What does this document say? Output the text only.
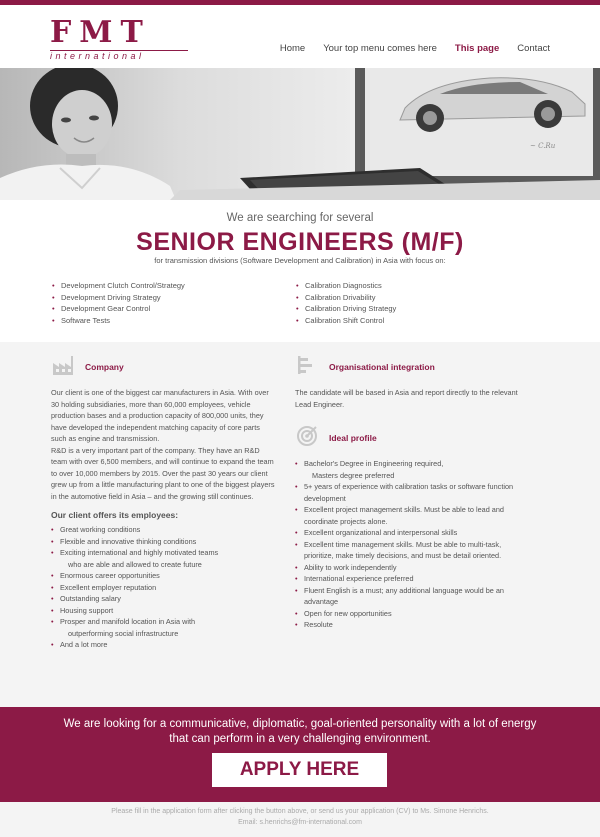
FMT
international
Home Your top menu comes here This page Contact
~ C.Ru
We are searching for several
SENIOR ENGINEERS (M/F)
for transmission divisions (Software Development and Calibration) in Asia with focus on:
• Development Clutch Control/Strategy
• Development Driving Strategy
• Development Gear Control
• Software Tests
• Calibration Diagnostics
• Calibration Drivability
• Calibration Driving Strategy
• Calibration Shift Control
Company

Our client is one of the biggest car manufacturers in Asia. With over 30 holding subsidiaries, more than 60,000 employees, vehicle production bases and a production capacity of 800,000 units, they have developed the independent matching capacity of core parts such as engine and transmission.

R&D is a very important part of the company. They have an R&D team with over 6,500 members, and will continue to expand the team to over 10,000 members by 2015. Over the past 30 years our client grew up from a little manufacturing plant to one of the biggest players in the automotive field in Asia – and the growing still continues.

Our client offers its employees:
• Great working conditions
• Flexible and innovative thinking conditions
• Exciting international and highly motivated teams
who are able and allowed to create future
• Enormous career opportunities
• Excellent employer reputation
• Outstanding salary
• Housing support
• Prosper and manifold location in Asia with
outperforming social infrastructure
• And a lot more
Organisational integration

The candidate will be based in Asia and report directly to the relevant Lead Engineer.

Ideal profile
• Bachelor's Degree in Engineering required,
Masters degree preferred
• 5+ years of experience with calibration tasks or software function development
• Excellent project management skills. Must be able to lead and coordinate projects alone.
• Excellent organizational and interpersonal skills
• Excellent time management skills. Must be able to multi-task, prioritize, make timely decisions, and must be detail oriented.
• Ability to work independently
• International experience preferred
• Fluent English is a must; any additional language would be an advantage
• Open for new opportunities
• Resolute
We are looking for a communicative, diplomatic, goal-oriented personality with a lot of energy that can perform in a very challenging environment.
APPLY HERE
Please fill in the application form after clicking the button above, or send us your application (CV) to Ms. Simone Henrichs.
Email: s.henrichs@fm-international.com
